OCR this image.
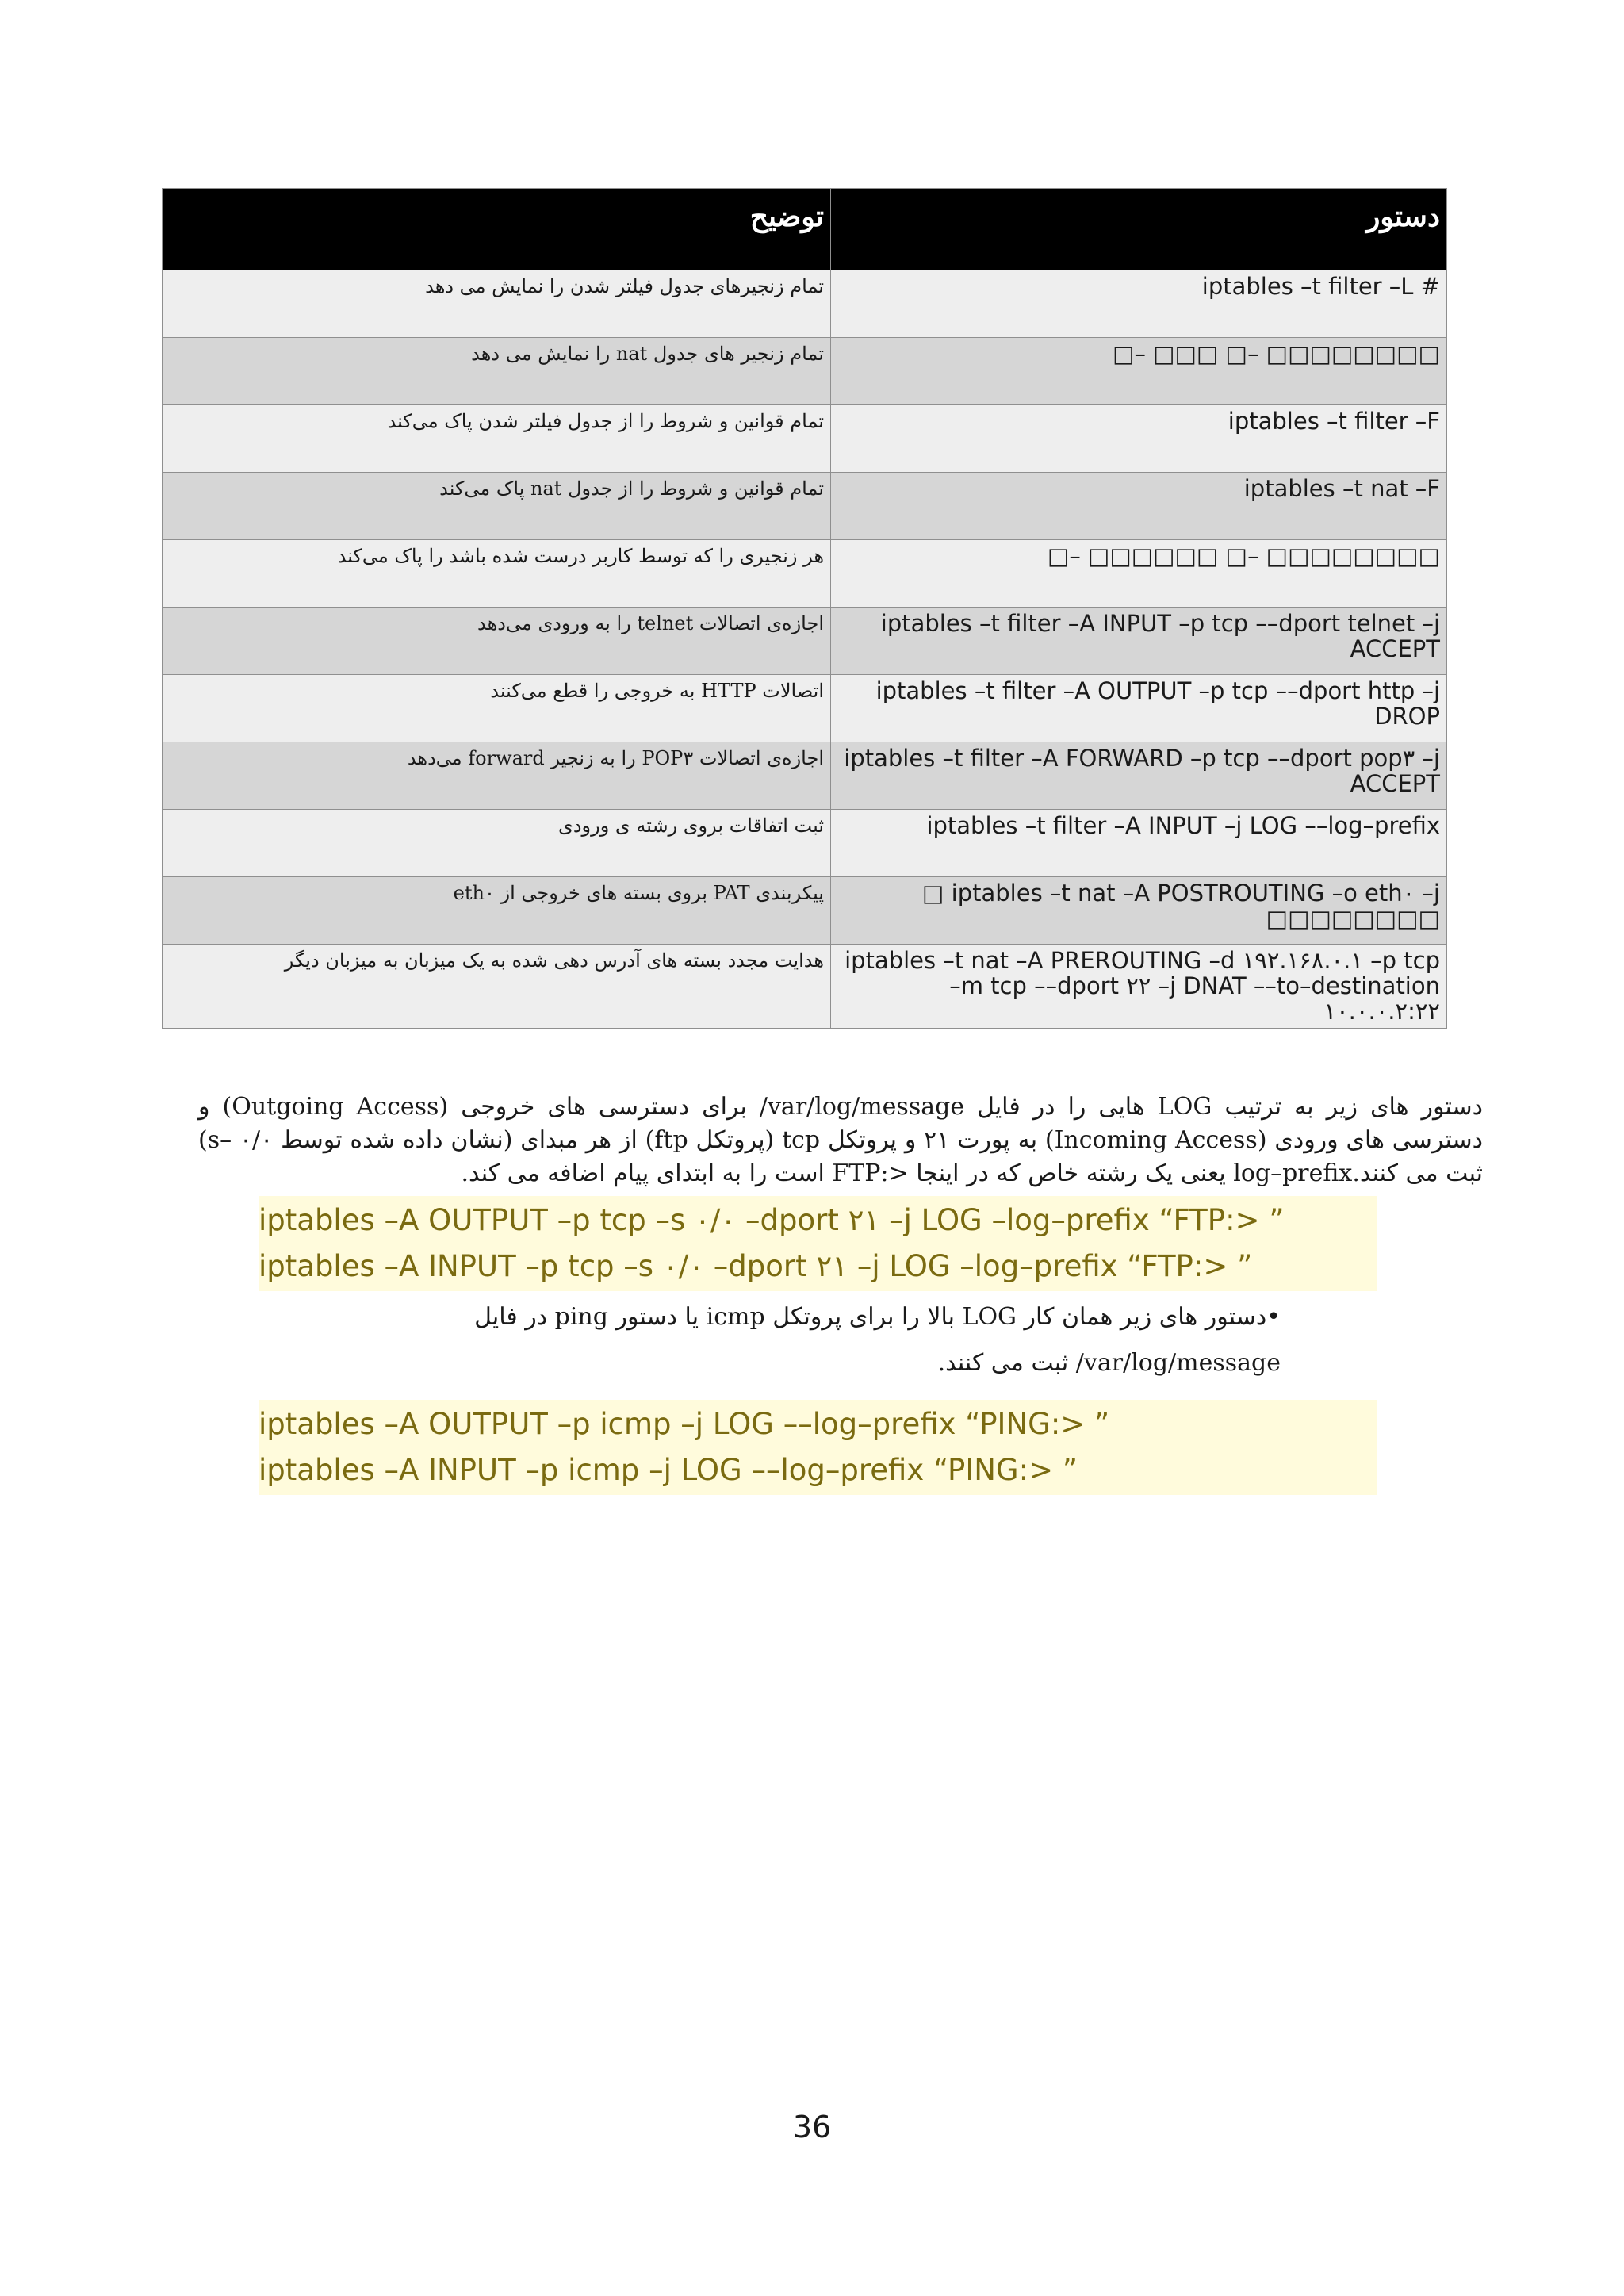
توضیح	دستور
تمام زنجیرهای جدول فیلتر شدن را نمایش می دهد	# iptables –t filter –L
تمام زنجیر های جدول nat را نمایش می دهد	□□□□□□□□ –□ □□□ –□
تمام قوانین و شروط را از جدول فیلتر شدن پاک می‌کند	iptables –t filter –F
تمام قوانین و شروط را از جدول nat پاک می‌کند	iptables –t nat –F
هر زنجیری را که توسط کاربر درست شده باشد را پاک می‌کند	□□□□□□□□ –□ □□□□□□ –□
اجازه‌ی اتصالات telnet را به ورودی می‌دهد	iptables –t filter –A INPUT –p tcp ––dport telnet –j ACCEPT
اتصالات HTTP به خروجی را قطع می‌کنند	iptables –t filter –A OUTPUT –p tcp ––dport http –j DROP
اجازه‌ی اتصالات POP۳ را به زنجیر forward می‌دهد	iptables –t filter –A FORWARD –p tcp ––dport pop۳ –j ACCEPT
ثبت اتفاقات بروی رشته ی ورودی	iptables –t filter –A INPUT –j LOG ––log–prefix
پیکربندی PAT بروی بسته های خروجی از eth۰	iptables –t nat –A POSTROUTING –o eth۰ –j □ □□□□□□□□
هدایت مجدد بسته های آدرس دهی شده به یک میزبان به میزبان دیگر	iptables –t nat –A PREROUTING –d ۱۹۲.۱۶۸.۰.۱ –p tcp –m tcp ––dport ۲۲ –j DNAT ––to–destination ۱۰.۰.۰.۲:۲۲

دستور های زیر به ترتیب LOG هایی را در فایل var/log/message/ برای دسترسی های خروجی (Outgoing Access) و دسترسی های ورودی (Incoming Access) به پورت ۲۱ و پروتکل tcp (پروتکل ftp) از هر مبدای (نشان داده شده توسط s– ۰/۰) ثبت می کنند.log–prefix یعنی یک رشته خاص که در اینجا <:FTP است را به ابتدای پیام اضافه می کند.

iptables –A OUTPUT –p tcp –s ۰/۰ –dport ۲۱ –j LOG –log–prefix “FTP:> ”
iptables –A INPUT –p tcp –s ۰/۰ –dport ۲۱ –j LOG –log–prefix “FTP:> ”
•دستور های زیر همان کار LOG بالا را برای پروتکل icmp یا دستور ping در فایل var/log/message/ ثبت می کنند.
iptables –A OUTPUT –p icmp –j LOG ––log–prefix “PING:> ”
iptables –A INPUT –p icmp –j LOG ––log–prefix “PING:> ”
36
